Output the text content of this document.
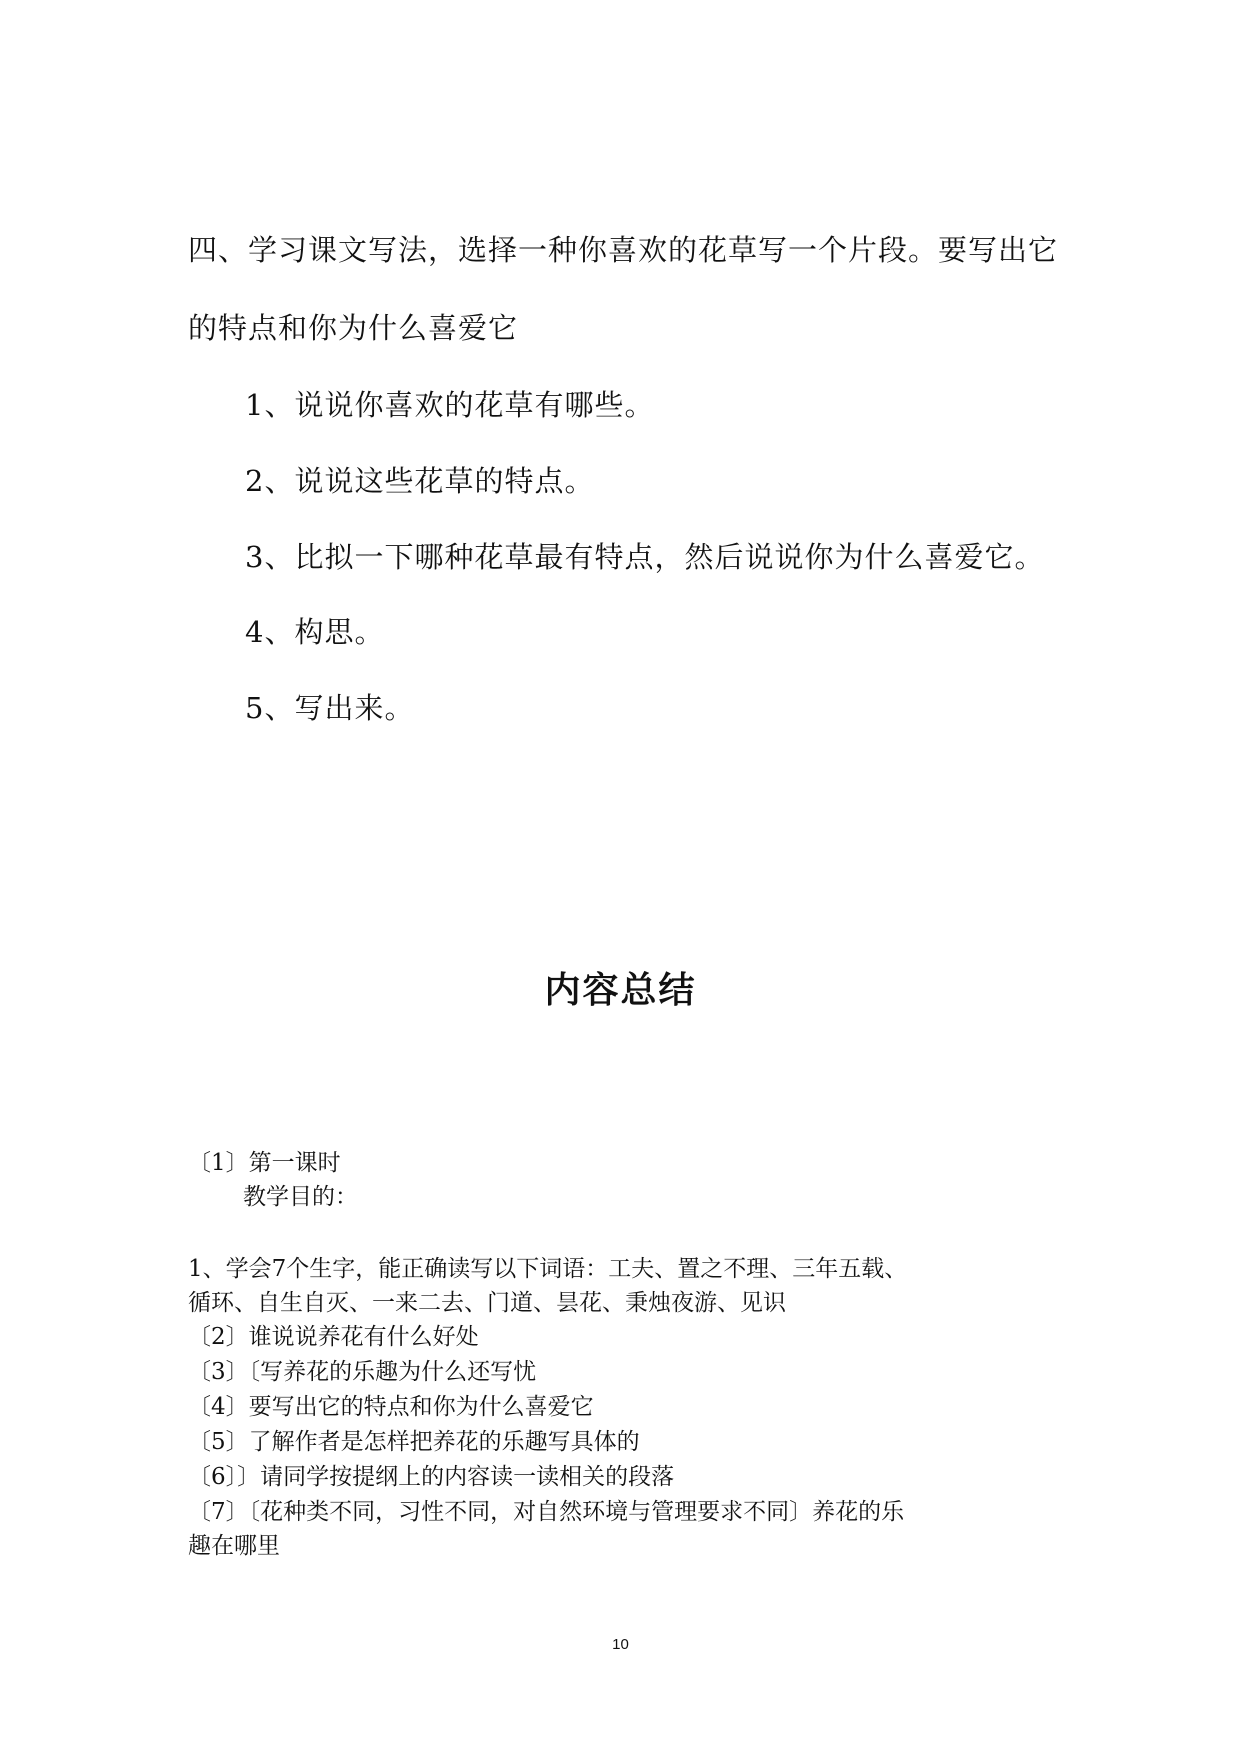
四、学习课文写法，选择一种你喜欢的花草写一个片段。要写出它

的特点和你为什么喜爱它

1、说说你喜欢的花草有哪些。

2、说说这些花草的特点。

3、比拟一下哪种花草最有特点，然后说说你为什么喜爱它。

4、构思。

5、写出来。

内容总结

〔1〕第一课时

教学目的：

1、学会7个生字，能正确读写以下词语：工夫、置之不理、三年五载、

循环、自生自灭、一来二去、门道、昙花、秉烛夜游、见识

〔2〕谁说说养花有什么好处

〔3〕〔写养花的乐趣为什么还写忧

〔4〕要写出它的特点和你为什么喜爱它

〔5〕了解作者是怎样把养花的乐趣写具体的

〔6〕〕请同学按提纲上的内容读一读相关的段落

〔7〕〔花种类不同，习性不同，对自然环境与管理要求不同〕养花的乐

趣在哪里

10
